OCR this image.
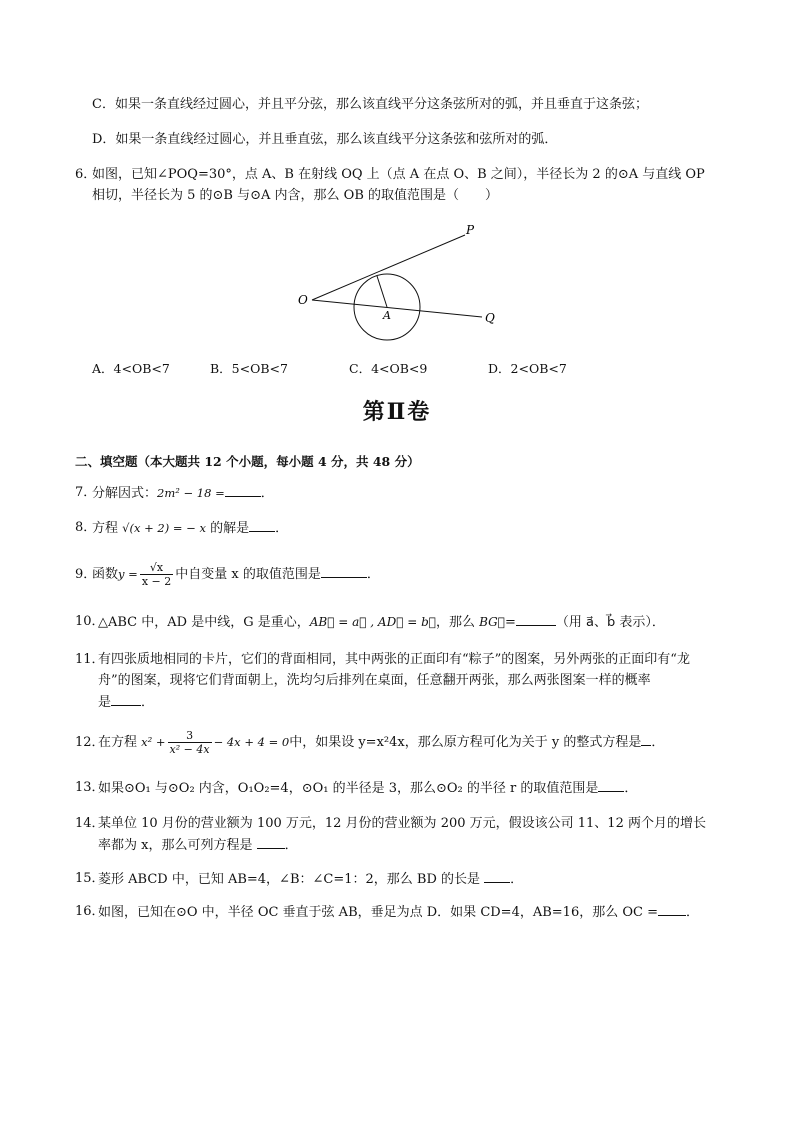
C．如果一条直线经过圆心，并且平分弦，那么该直线平分这条弦所对的弧，并且垂直于这条弦；
D．如果一条直线经过圆心，并且垂直弦，那么该直线平分这条弦和弦所对的弧．
6．
如图，已知∠POQ=30°，点 A、B 在射线 OQ 上（点 A 在点 O、B 之间），半径长为 2 的⊙A 与直线 OP
相切，半径长为 5 的⊙B 与⊙A 内含，那么 OB 的取值范围是（　　）
P
O
Q
A
A．4<OB<7	B．5<OB<7	C．4<OB<9	D．2<OB<7
第Ⅱ卷
二、填空题（本大题共 12 个小题，每小题 4 分，共 48 分）
7．
分解因式：2m² − 18 =	．
8．
方程 √(x + 2) = − x 的解是 ．
9．
函数$y = \frac{√x}{x - 2}$ 中自变量 x 的取值范围是	．
10．
△ABC 中，AD 是中线，G 是重心，AB⃗ = a⃗ , AD⃗ = b⃗，那么 BG⃗=	（用 a⃗、b⃗ 表示）．
11．
有四张质地相同的卡片，它们的背面相同，其中两张的正面印有“粽子”的图案，另外两张的正面印有“龙
舟”的图案，现将它们背面朝上，洗均匀后排列在桌面，任意翻开两张，那么两张图案一样的概率
是 ．
12．
在方程 $x^2 + \frac{3}{\text{x² − 4x}} - 4x + 4 = 0$中，如果设 y=x²4x，那么原方程可化为关于 y 的整式方程是 ．
13．
如果⊙O₁ 与⊙O₂ 内含，O₁O₂=4，⊙O₁ 的半径是 3，那么⊙O₂ 的半径 r 的取值范围是 ．
14．
某单位 10 月份的营业额为 100 万元，12 月份的营业额为 200 万元，假设该公司 11、12 两个月的增长
率都为 x，那么可列方程是 ．
15．
菱形 ABCD 中，已知 AB=4，∠B：∠C=1：2，那么 BD 的长是 ．
16．
如图，已知在⊙O 中，半径 OC 垂直于弦 AB，垂足为点 D．如果 CD=4，AB=16，那么 OC = ．
